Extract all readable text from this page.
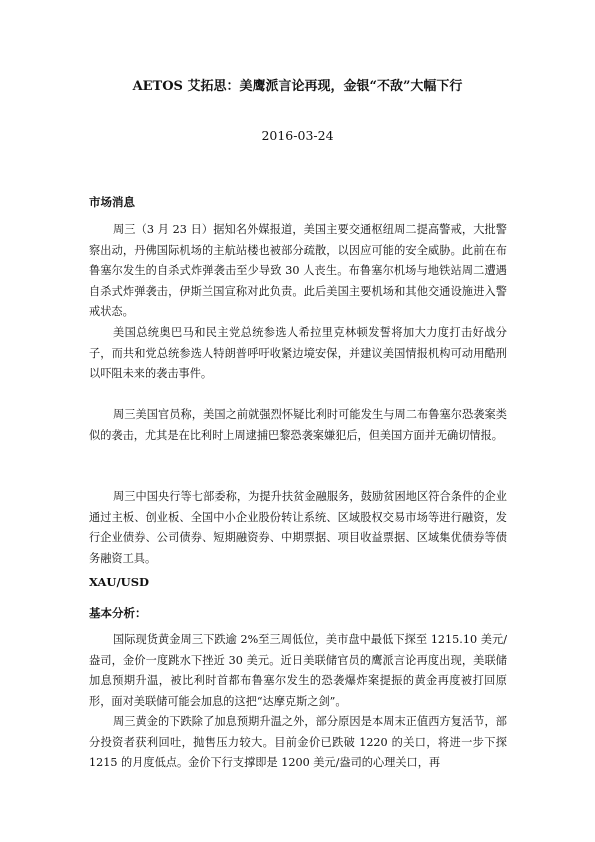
AETOS 艾拓思：美鹰派言论再现，金银“不敌”大幅下行
2016-03-24
市场消息

周三（3 月 23 日）据知名外媒报道，美国主要交通枢纽周二提高警戒，大批警察出动，丹佛国际机场的主航站楼也被部分疏散，以因应可能的安全威胁。此前在布鲁塞尔发生的自杀式炸弹袭击至少导致 30 人丧生。布鲁塞尔机场与地铁站周二遭遇自杀式炸弹袭击，伊斯兰国宣称对此负责。此后美国主要机场和其他交通设施进入警戒状态。

美国总统奥巴马和民主党总统参选人希拉里克林顿发誓将加大力度打击好战分子，而共和党总统参选人特朗普呼吁收紧边境安保，并建议美国情报机构可动用酷刑以吓阻未来的袭击事件。

周三美国官员称，美国之前就强烈怀疑比利时可能发生与周二布鲁塞尔恐袭案类似的袭击，尤其是在比利时上周逮捕巴黎恐袭案嫌犯后，但美国方面并无确切情报。

周三中国央行等七部委称，为提升扶贫金融服务，鼓励贫困地区符合条件的企业通过主板、创业板、全国中小企业股份转让系统、区域股权交易市场等进行融资，发行企业债券、公司债券、短期融资券、中期票据、项目收益票据、区域集优债券等债务融资工具。

XAU/USD
基本分析：

国际现货黄金周三下跌逾 2%至三周低位，美市盘中最低下探至 1215.10 美元/盎司，金价一度跳水下挫近 30 美元。近日美联储官员的鹰派言论再度出现，美联储加息预期升温，被比利时首都布鲁塞尔发生的恐袭爆炸案提振的黄金再度被打回原形，面对美联储可能会加息的这把“达摩克斯之剑”。

周三黄金的下跌除了加息预期升温之外，部分原因是本周末正值西方复活节，部分投资者获利回吐，抛售压力较大。目前金价已跌破 1220 的关口，将进一步下探 1215 的月度低点。金价下行支撑即是 1200 美元/盎司的心理关口，再
